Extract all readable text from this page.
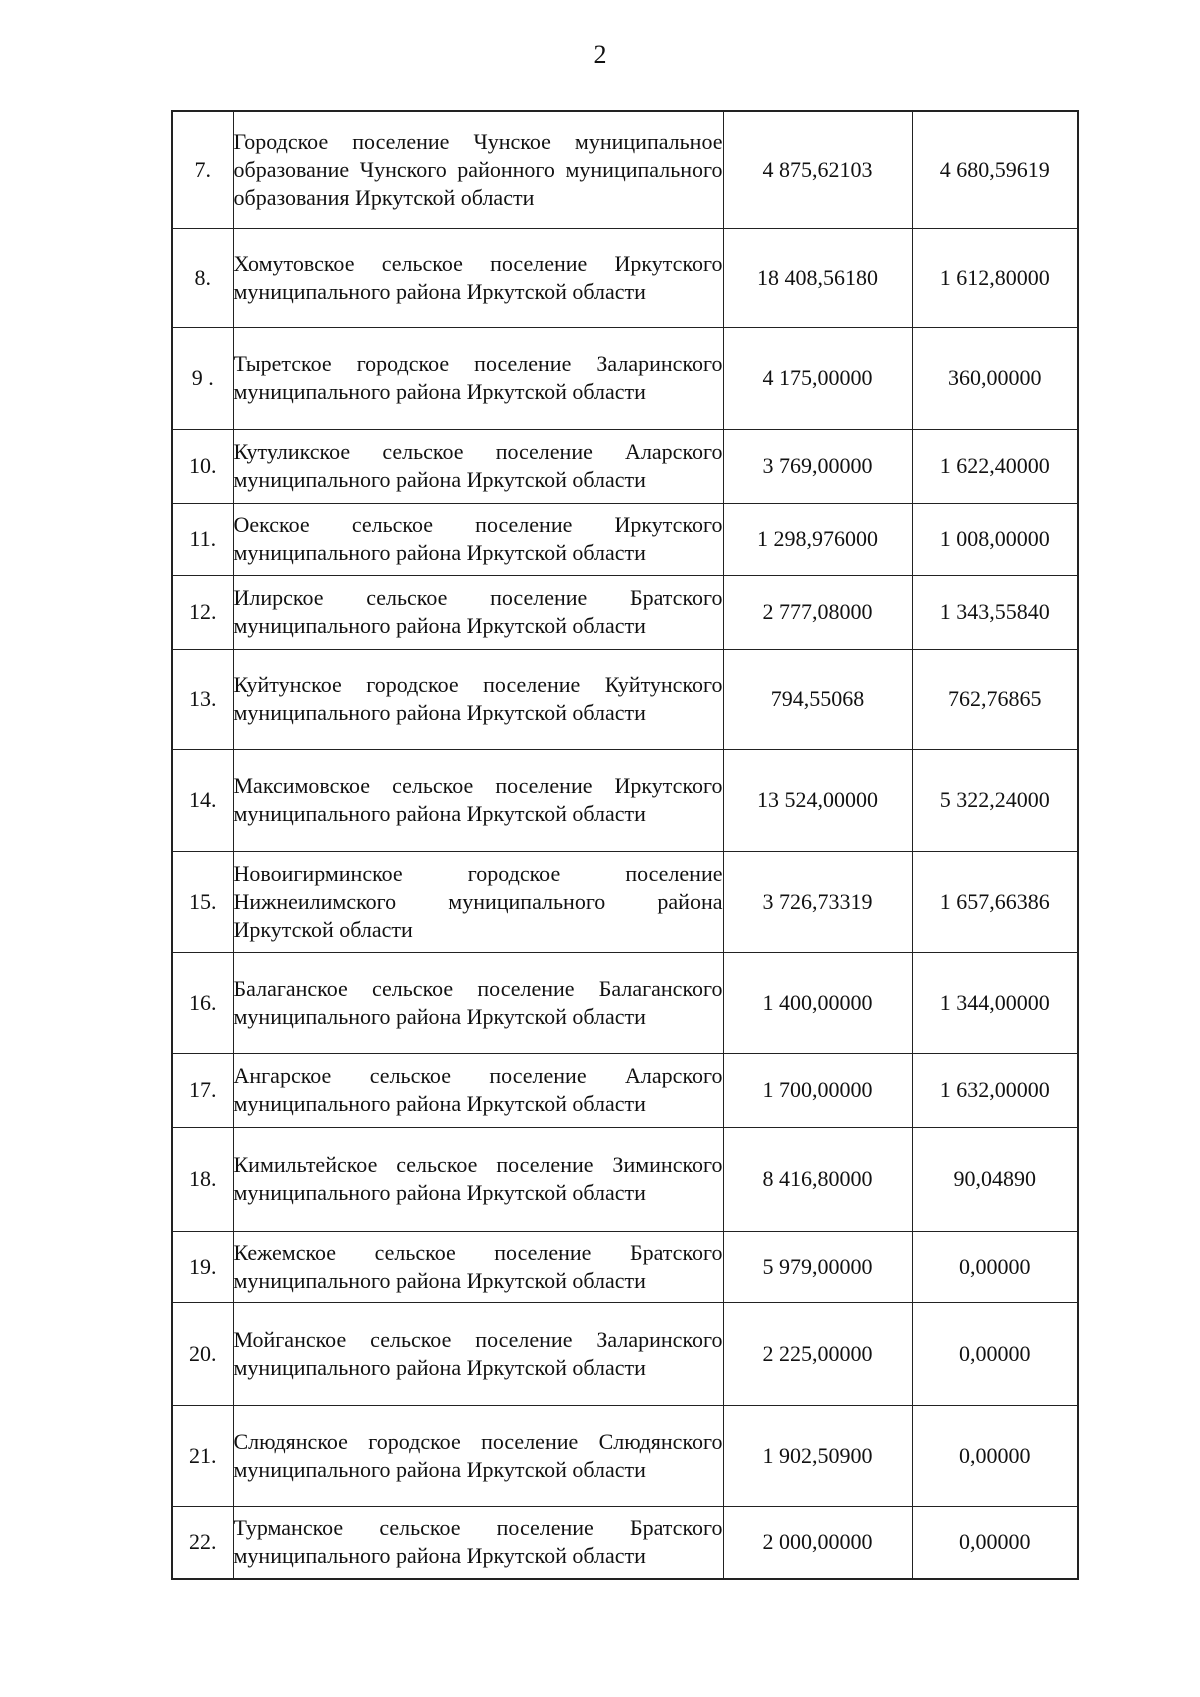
2
7.	Городское поселение Чунское муниципальное образование Чунского районного муниципального образования Иркутской области	4 875,62103	4 680,59619
8.	Хомутовское сельское поселение Иркутского муниципального района Иркутской области	18 408,56180	1 612,80000
9 .	Тыретское городское поселение Заларинского муниципального района Иркутской области	4 175,00000	360,00000
10.	Кутуликское сельское поселение Аларского муниципального района Иркутской области	3 769,00000	1 622,40000
11.	Оекское сельское поселение Иркутского муниципального района Иркутской области	1 298,976000	1 008,00000
12.	Илирское сельское поселение Братского муниципального района Иркутской области	2 777,08000	1 343,55840
13.	Куйтунское городское поселение Куйтунского муниципального района Иркутской области	794,55068	762,76865
14.	Максимовское сельское поселение Иркутского муниципального района Иркутской области	13 524,00000	5 322,24000
15.	Новоигирминское городское поселение Нижнеилимского муниципального района Иркутской области	3 726,73319	1 657,66386
16.	Балаганское сельское поселение Балаганского муниципального района Иркутской области	1 400,00000	1 344,00000
17.	Ангарское сельское поселение Аларского муниципального района Иркутской области	1 700,00000	1 632,00000
18.	Кимильтейское сельское поселение Зиминского муниципального района Иркутской области	8 416,80000	90,04890
19.	Кежемское сельское поселение Братского муниципального района Иркутской области	5 979,00000	0,00000
20.	Мойганское сельское поселение Заларинского муниципального района Иркутской области	2 225,00000	0,00000
21.	Слюдянское городское поселение Слюдянского муниципального района Иркутской области	1 902,50900	0,00000
22.	Турманское сельское поселение Братского муниципального района Иркутской области	2 000,00000	0,00000
